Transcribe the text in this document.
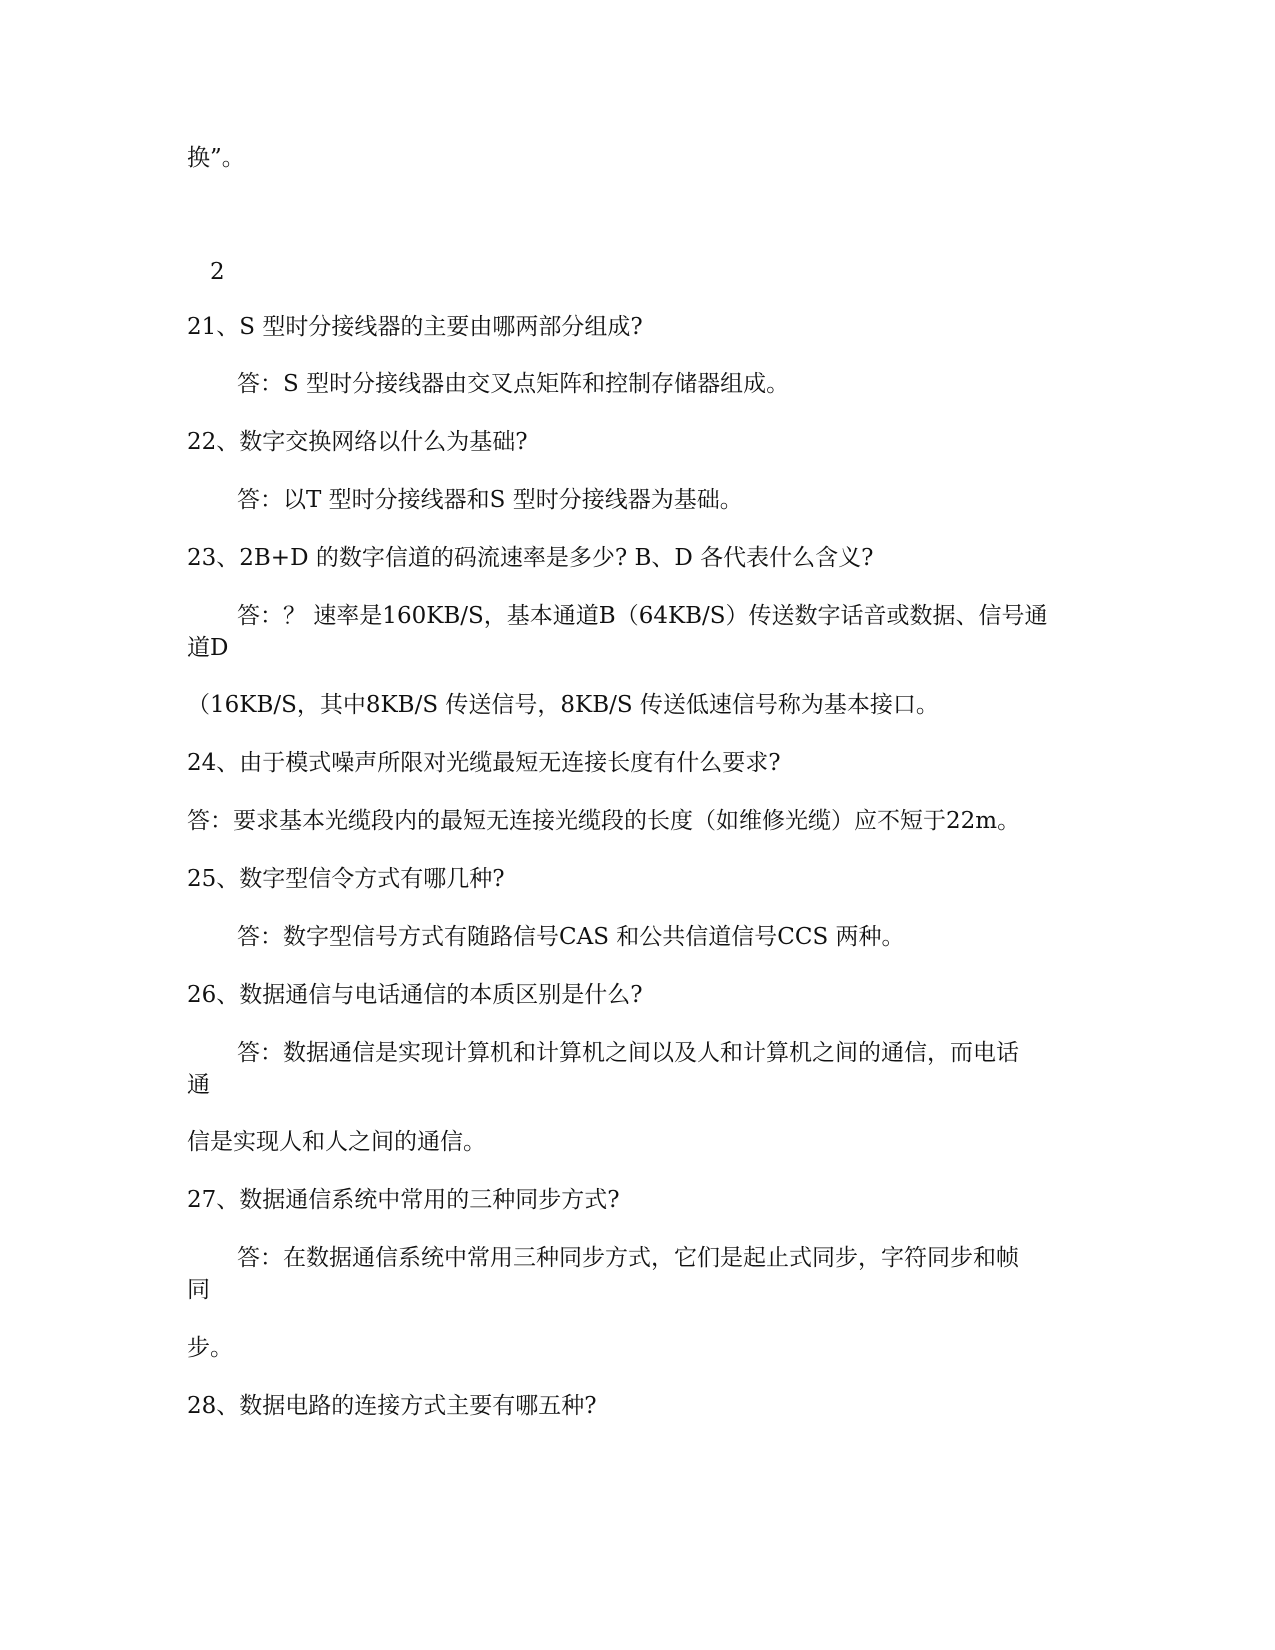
换”。
2
21、S 型时分接线器的主要由哪两部分组成?
答：S 型时分接线器由交叉点矩阵和控制存储器组成。
22、数字交换网络以什么为基础?
答：以T 型时分接线器和S 型时分接线器为基础。
23、2B+D 的数字信道的码流速率是多少? B、D 各代表什么含义?
答：？ 速率是160KB/S，基本通道B（64KB/S）传送数字话音或数据、信号通
道D
（16KB/S，其中8KB/S 传送信号，8KB/S 传送低速信号称为基本接口。
24、由于模式噪声所限对光缆最短无连接长度有什么要求?
答：要求基本光缆段内的最短无连接光缆段的长度（如维修光缆）应不短于22m。
25、数字型信令方式有哪几种?
答：数字型信号方式有随路信号CAS 和公共信道信号CCS 两种。
26、数据通信与电话通信的本质区别是什么?
答：数据通信是实现计算机和计算机之间以及人和计算机之间的通信，而电话
通
信是实现人和人之间的通信。
27、数据通信系统中常用的三种同步方式?
答：在数据通信系统中常用三种同步方式，它们是起止式同步，字符同步和帧
同
步。
28、数据电路的连接方式主要有哪五种?
